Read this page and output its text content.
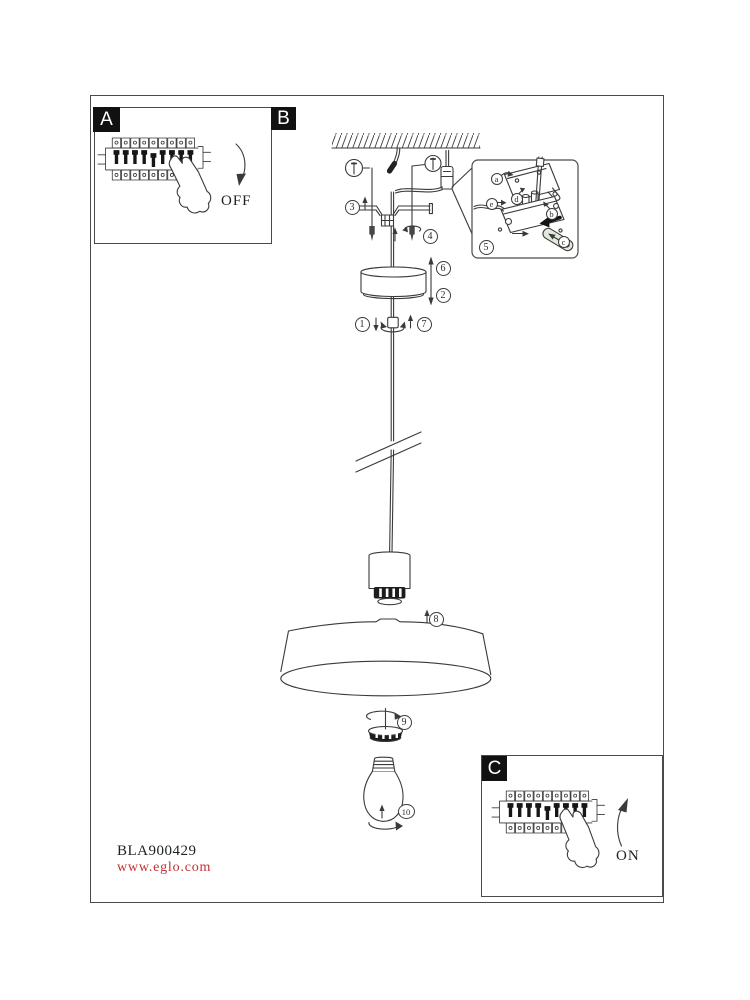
A	B
C
OFF
ON
3
4
5
6
2
1	7
8
9
10
a
e	d
b
c
BLA900429
www.eglo.com
